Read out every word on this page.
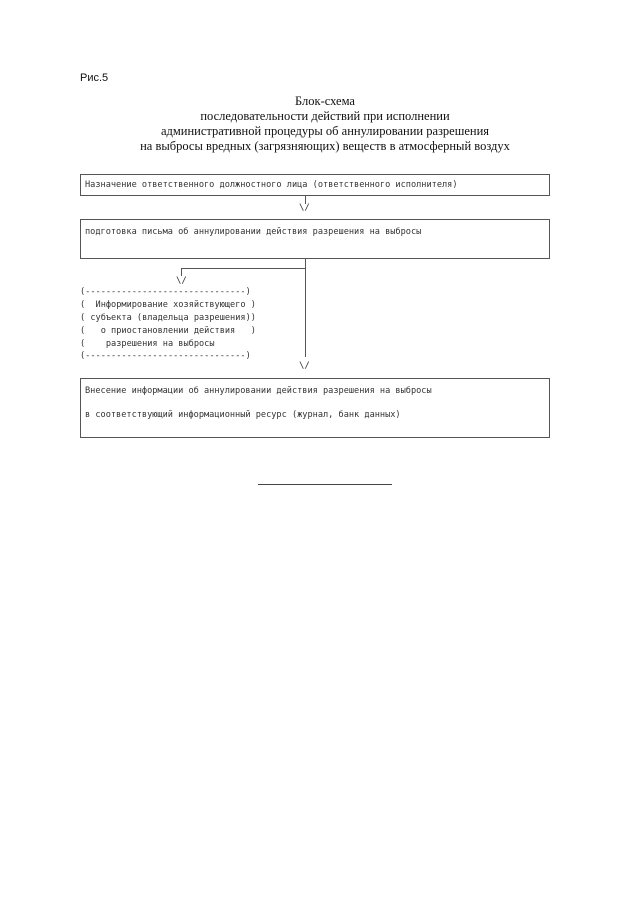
Рис.5
Блок-схема
последовательности действий при исполнении
административной процедуры об аннулировании разрешения
на выбросы вредных (загрязняющих) веществ в атмосферный воздух
Назначение ответственного должностного лица (ответственного исполнителя)
\/
подготовка письма об аннулировании действия разрешения на выбросы
\/
(-------------------------------)
(  Информирование хозяйствующего )
( субъекта (владельца разрешения))
(   о приостановлении действия   )
(    разрешения на выбросы
(-------------------------------)
\/
Внесение информации об аннулировании действия разрешения на выбросы
в соответствующий информационный ресурс (журнал, банк данных)
